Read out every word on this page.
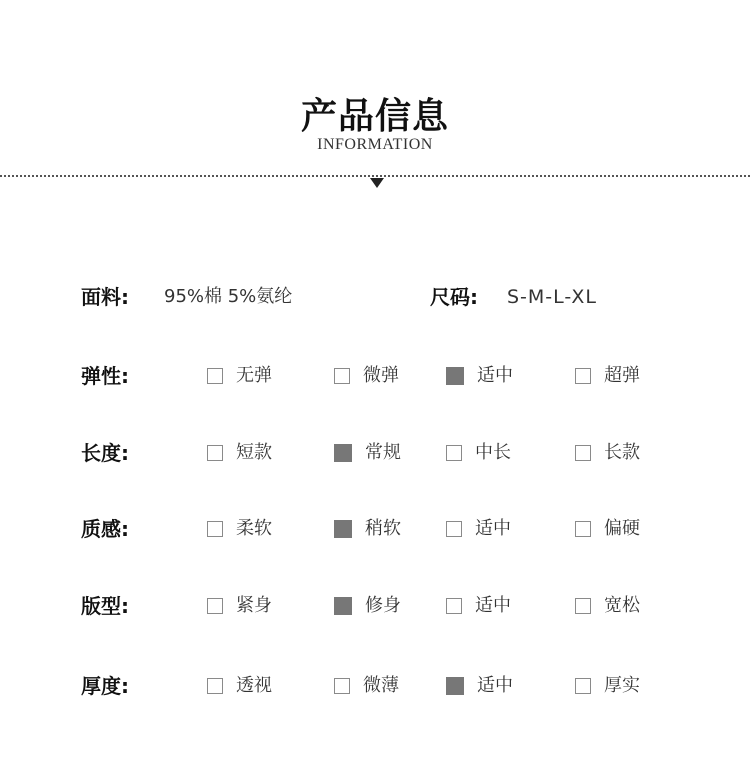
产品信息
INFORMATION
面料: 95%棉 5%氨纶	尺码: S-M-L-XL
弹性:	无弹	微弹	适中	超弹
长度:	短款	常规	中长	长款
质感:	柔软	稍软	适中	偏硬
版型:	紧身	修身	适中	宽松
厚度:	透视	微薄	适中	厚实
